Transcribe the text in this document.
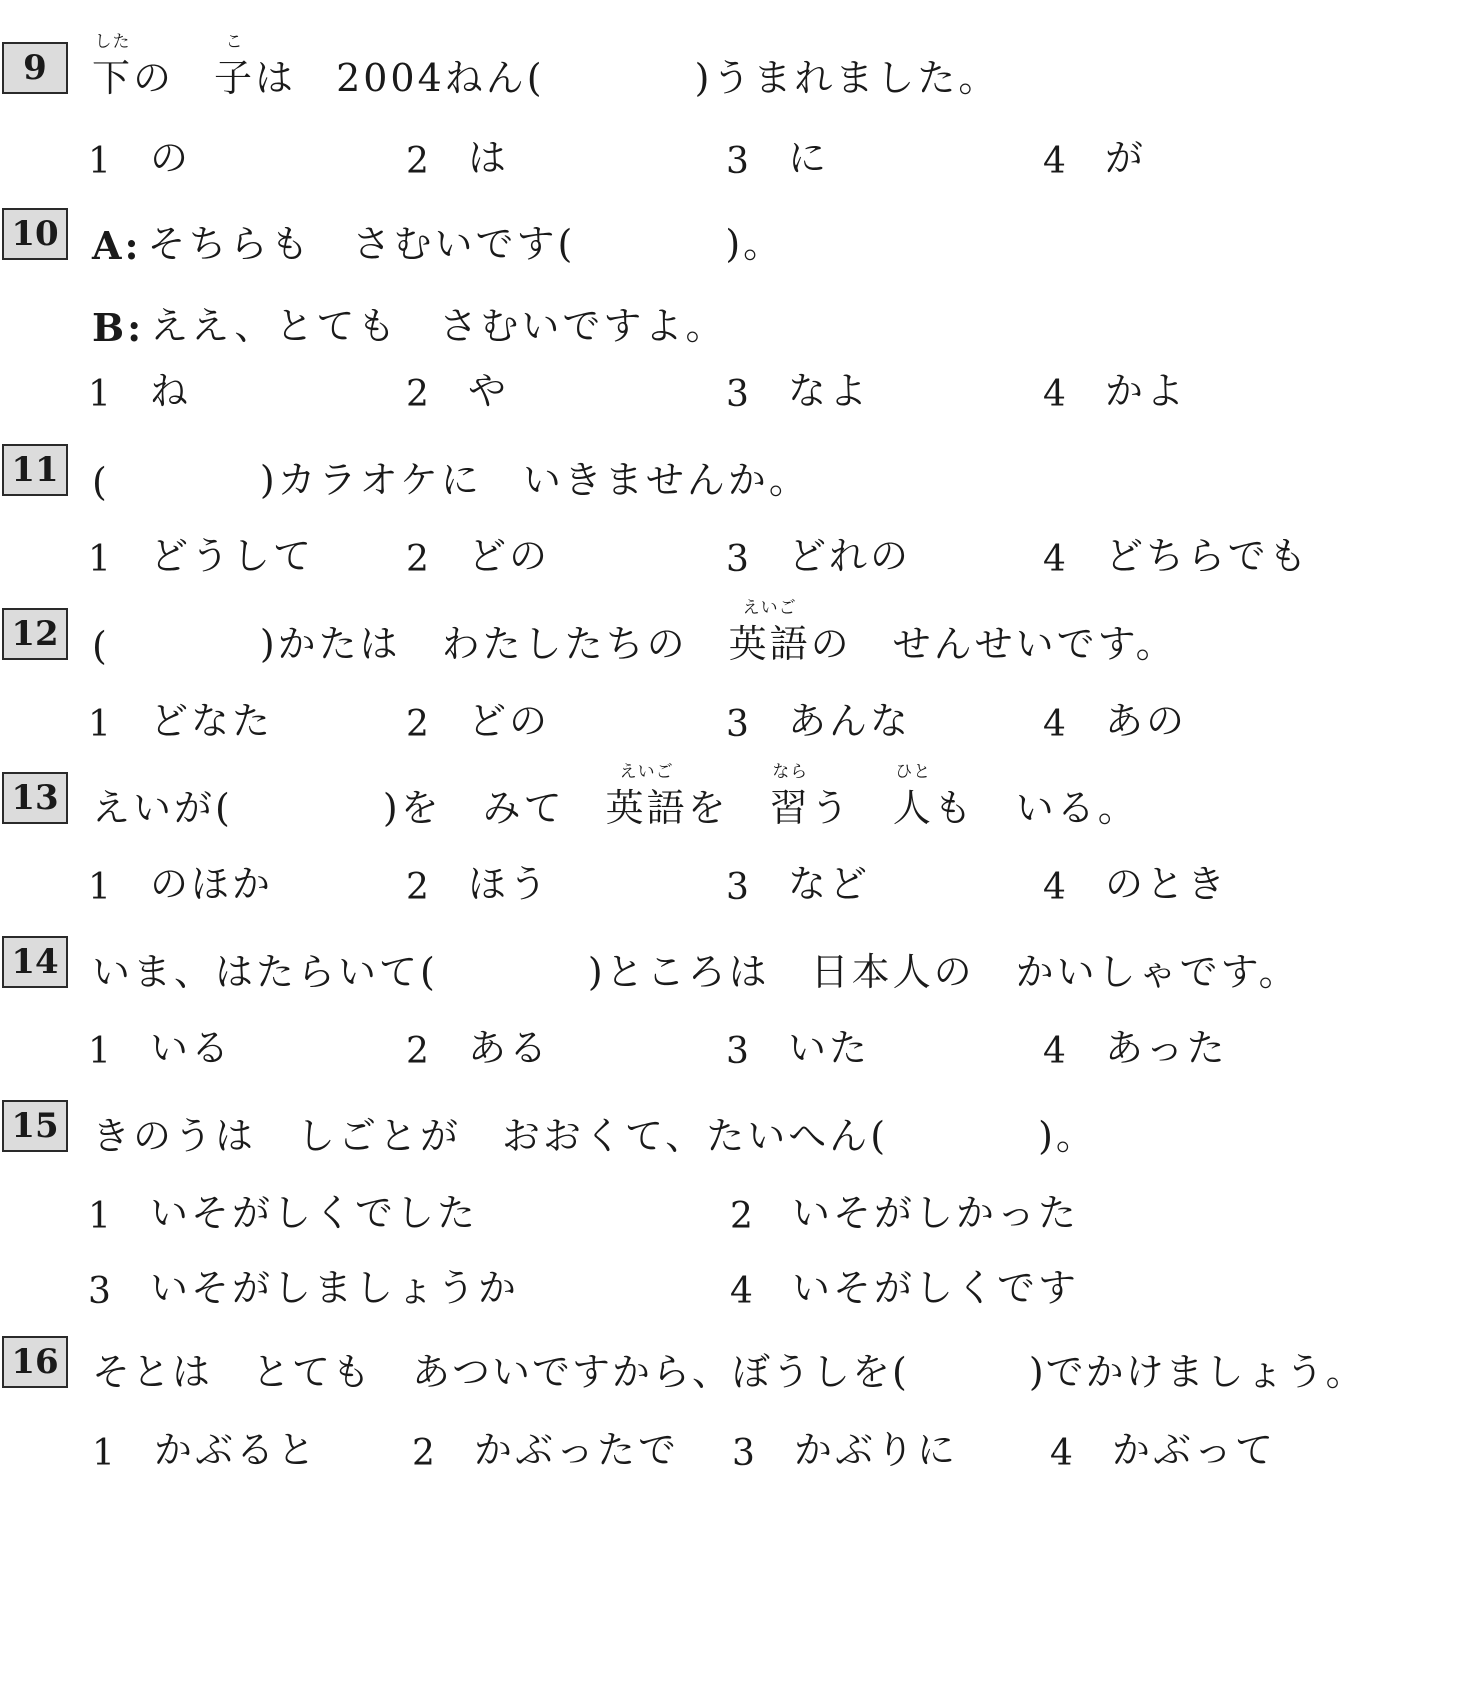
9
した
下 の
こ
子 は 2004ねん(	)うまれました。
1 の	2 は	3 に	4 が
10 A: そちらも　さむいです(	)。
B: ええ、とても　さむいですよ。
1 ね	2 や	3 なよ	4 かよ
11 (	)カラオケに　いきませんか。
1 どうして	2 どの	3 どれの	4 どちらでも
12 (	)かたは　わたしたちの　
えいご
英語 の　せんせいです。
1 どなた	2 どの	3 あんな	4 あの
13 えいが(	)を　みて　
えいご
英語 を　
なら
習 う　
ひと
人 も　いる。
1 のほか	2 ほう	3 など	4 のとき
14 いま、はたらいて(	)ところは　日本人の　かいしゃです。
1 いる	2 ある	3 いた	4 あった
15 きのうは　しごとが　おおくて、たいへん(	)。
1 いそがしくでした	2 いそがしかった
3 いそがしましょうか	4 いそがしくです
16 そとは　とても　あついですから、ぼうしを(	)でかけましょう。
1 かぶると	2 かぶったで 3 かぶりに	4 かぶって
